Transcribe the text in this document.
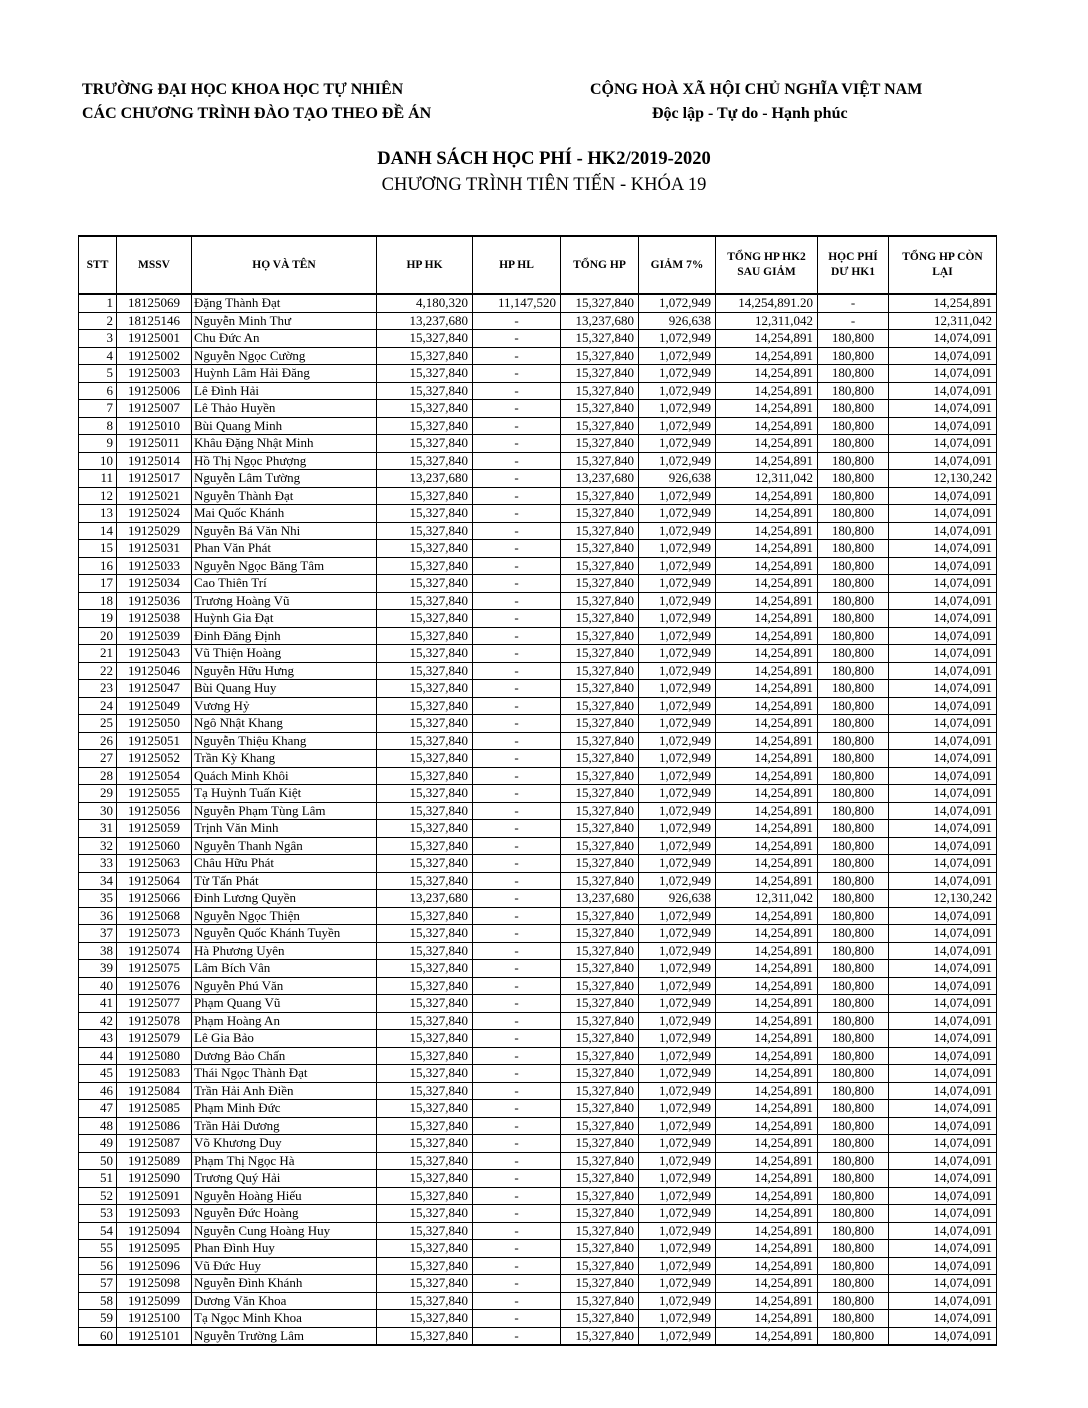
TRƯỜNG ĐẠI HỌC KHOA HỌC TỰ NHIÊN
CÁC CHƯƠNG TRÌNH ĐÀO TẠO THEO ĐỀ ÁN
CỘNG HOÀ XÃ HỘI CHỦ NGHĨA VIỆT NAM
Độc lập - Tự do - Hạnh phúc
DANH SÁCH HỌC PHÍ - HK2/2019-2020
CHƯƠNG TRÌNH TIÊN TIẾN - KHÓA 19
STT	MSSV	HỌ VÀ TÊN	HP HK	HP HL	TỔNG HP	GIẢM 7%	TỔNG HP HK2 SAU GIẢM	HỌC PHÍ DƯ HK1	TỔNG HP CÒN LẠI
1	18125069	Đặng Thành Đạt	4,180,320	11,147,520	15,327,840	1,072,949	14,254,891.20	-	14,254,891
2	18125146	Nguyễn Minh Thư	13,237,680	-	13,237,680	926,638	12,311,042	-	12,311,042
3	19125001	Chu Đức An	15,327,840	-	15,327,840	1,072,949	14,254,891	180,800	14,074,091
4	19125002	Nguyễn Ngọc Cường	15,327,840	-	15,327,840	1,072,949	14,254,891	180,800	14,074,091
5	19125003	Huỳnh Lâm Hải Đăng	15,327,840	-	15,327,840	1,072,949	14,254,891	180,800	14,074,091
6	19125006	Lê Đình Hải	15,327,840	-	15,327,840	1,072,949	14,254,891	180,800	14,074,091
7	19125007	Lê Thảo Huyền	15,327,840	-	15,327,840	1,072,949	14,254,891	180,800	14,074,091
8	19125010	Bùi Quang Minh	15,327,840	-	15,327,840	1,072,949	14,254,891	180,800	14,074,091
9	19125011	Khâu Đặng Nhật Minh	15,327,840	-	15,327,840	1,072,949	14,254,891	180,800	14,074,091
10	19125014	Hồ Thị Ngọc Phượng	15,327,840	-	15,327,840	1,072,949	14,254,891	180,800	14,074,091
11	19125017	Nguyễn Lâm Tường	13,237,680	-	13,237,680	926,638	12,311,042	180,800	12,130,242
12	19125021	Nguyễn Thành Đạt	15,327,840	-	15,327,840	1,072,949	14,254,891	180,800	14,074,091
13	19125024	Mai Quốc Khánh	15,327,840	-	15,327,840	1,072,949	14,254,891	180,800	14,074,091
14	19125029	Nguyễn Bá Văn Nhi	15,327,840	-	15,327,840	1,072,949	14,254,891	180,800	14,074,091
15	19125031	Phan Văn Phát	15,327,840	-	15,327,840	1,072,949	14,254,891	180,800	14,074,091
16	19125033	Nguyễn Ngọc Băng Tâm	15,327,840	-	15,327,840	1,072,949	14,254,891	180,800	14,074,091
17	19125034	Cao Thiên Trí	15,327,840	-	15,327,840	1,072,949	14,254,891	180,800	14,074,091
18	19125036	Trương Hoàng Vũ	15,327,840	-	15,327,840	1,072,949	14,254,891	180,800	14,074,091
19	19125038	Huỳnh Gia Đạt	15,327,840	-	15,327,840	1,072,949	14,254,891	180,800	14,074,091
20	19125039	Đinh Đăng Định	15,327,840	-	15,327,840	1,072,949	14,254,891	180,800	14,074,091
21	19125043	Vũ Thiện Hoàng	15,327,840	-	15,327,840	1,072,949	14,254,891	180,800	14,074,091
22	19125046	Nguyễn Hữu Hưng	15,327,840	-	15,327,840	1,072,949	14,254,891	180,800	14,074,091
23	19125047	Bùi Quang Huy	15,327,840	-	15,327,840	1,072,949	14,254,891	180,800	14,074,091
24	19125049	Vương Hỷ	15,327,840	-	15,327,840	1,072,949	14,254,891	180,800	14,074,091
25	19125050	Ngô Nhật Khang	15,327,840	-	15,327,840	1,072,949	14,254,891	180,800	14,074,091
26	19125051	Nguyễn Thiệu Khang	15,327,840	-	15,327,840	1,072,949	14,254,891	180,800	14,074,091
27	19125052	Trần Kỳ Khang	15,327,840	-	15,327,840	1,072,949	14,254,891	180,800	14,074,091
28	19125054	Quách Minh Khôi	15,327,840	-	15,327,840	1,072,949	14,254,891	180,800	14,074,091
29	19125055	Tạ Huỳnh Tuấn Kiệt	15,327,840	-	15,327,840	1,072,949	14,254,891	180,800	14,074,091
30	19125056	Nguyễn Phạm Tùng Lâm	15,327,840	-	15,327,840	1,072,949	14,254,891	180,800	14,074,091
31	19125059	Trịnh Văn Minh	15,327,840	-	15,327,840	1,072,949	14,254,891	180,800	14,074,091
32	19125060	Nguyễn Thanh Ngân	15,327,840	-	15,327,840	1,072,949	14,254,891	180,800	14,074,091
33	19125063	Châu Hữu Phát	15,327,840	-	15,327,840	1,072,949	14,254,891	180,800	14,074,091
34	19125064	Từ Tấn Phát	15,327,840	-	15,327,840	1,072,949	14,254,891	180,800	14,074,091
35	19125066	Đinh Lương Quyền	13,237,680	-	13,237,680	926,638	12,311,042	180,800	12,130,242
36	19125068	Nguyễn Ngọc Thiện	15,327,840	-	15,327,840	1,072,949	14,254,891	180,800	14,074,091
37	19125073	Nguyễn Quốc Khánh Tuyền	15,327,840	-	15,327,840	1,072,949	14,254,891	180,800	14,074,091
38	19125074	Hà Phương Uyên	15,327,840	-	15,327,840	1,072,949	14,254,891	180,800	14,074,091
39	19125075	Lâm Bích Vân	15,327,840	-	15,327,840	1,072,949	14,254,891	180,800	14,074,091
40	19125076	Nguyễn Phú Văn	15,327,840	-	15,327,840	1,072,949	14,254,891	180,800	14,074,091
41	19125077	Phạm Quang Vũ	15,327,840	-	15,327,840	1,072,949	14,254,891	180,800	14,074,091
42	19125078	Phạm Hoàng An	15,327,840	-	15,327,840	1,072,949	14,254,891	180,800	14,074,091
43	19125079	Lê Gia Bảo	15,327,840	-	15,327,840	1,072,949	14,254,891	180,800	14,074,091
44	19125080	Dương Bảo Chấn	15,327,840	-	15,327,840	1,072,949	14,254,891	180,800	14,074,091
45	19125083	Thái Ngọc Thành Đạt	15,327,840	-	15,327,840	1,072,949	14,254,891	180,800	14,074,091
46	19125084	Trần Hải Anh Điền	15,327,840	-	15,327,840	1,072,949	14,254,891	180,800	14,074,091
47	19125085	Phạm Minh Đức	15,327,840	-	15,327,840	1,072,949	14,254,891	180,800	14,074,091
48	19125086	Trần Hải Dương	15,327,840	-	15,327,840	1,072,949	14,254,891	180,800	14,074,091
49	19125087	Võ Khương Duy	15,327,840	-	15,327,840	1,072,949	14,254,891	180,800	14,074,091
50	19125089	Phạm Thị Ngọc Hà	15,327,840	-	15,327,840	1,072,949	14,254,891	180,800	14,074,091
51	19125090	Trương Quý Hải	15,327,840	-	15,327,840	1,072,949	14,254,891	180,800	14,074,091
52	19125091	Nguyễn Hoàng Hiếu	15,327,840	-	15,327,840	1,072,949	14,254,891	180,800	14,074,091
53	19125093	Nguyễn Đức Hoàng	15,327,840	-	15,327,840	1,072,949	14,254,891	180,800	14,074,091
54	19125094	Nguyễn Cung Hoàng Huy	15,327,840	-	15,327,840	1,072,949	14,254,891	180,800	14,074,091
55	19125095	Phan Đình Huy	15,327,840	-	15,327,840	1,072,949	14,254,891	180,800	14,074,091
56	19125096	Vũ Đức Huy	15,327,840	-	15,327,840	1,072,949	14,254,891	180,800	14,074,091
57	19125098	Nguyễn Đình Khánh	15,327,840	-	15,327,840	1,072,949	14,254,891	180,800	14,074,091
58	19125099	Dương Văn Khoa	15,327,840	-	15,327,840	1,072,949	14,254,891	180,800	14,074,091
59	19125100	Tạ Ngọc Minh Khoa	15,327,840	-	15,327,840	1,072,949	14,254,891	180,800	14,074,091
60	19125101	Nguyễn Trường Lâm	15,327,840	-	15,327,840	1,072,949	14,254,891	180,800	14,074,091
